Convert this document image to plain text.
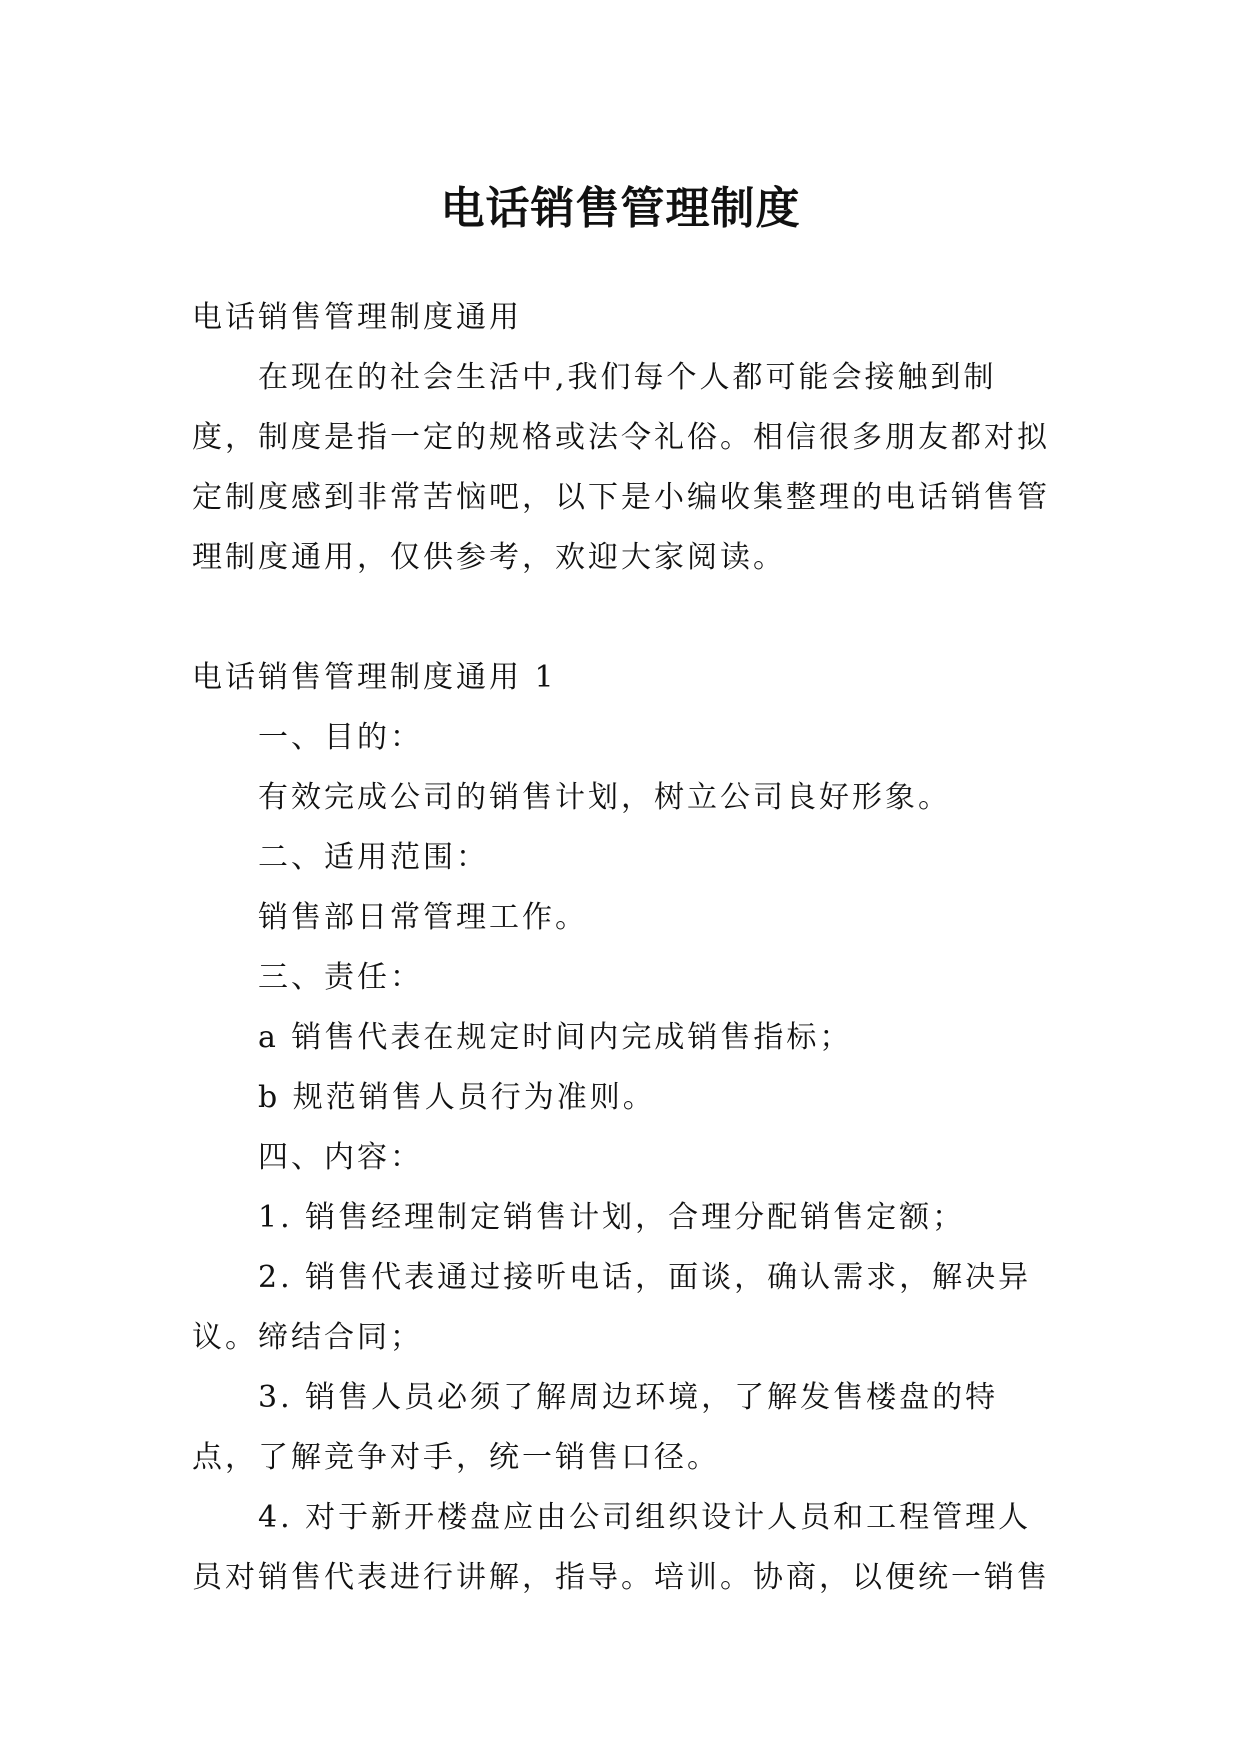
电话销售管理制度

电话销售管理制度通用

在现在的社会生活中,我们每个人都可能会接触到制度，制度是指一定的规格或法令礼俗。相信很多朋友都对拟定制度感到非常苦恼吧，以下是小编收集整理的电话销售管理制度通用，仅供参考，欢迎大家阅读。

电话销售管理制度通用 1

一、目的：

有效完成公司的销售计划，树立公司良好形象。

二、适用范围：

销售部日常管理工作。

三、责任：

a 销售代表在规定时间内完成销售指标；

b 规范销售人员行为准则。

四、内容：

1. 销售经理制定销售计划，合理分配销售定额；

2. 销售代表通过接听电话，面谈，确认需求，解决异议。缔结合同；

3. 销售人员必须了解周边环境，了解发售楼盘的特点，了解竞争对手，统一销售口径。

4. 对于新开楼盘应由公司组织设计人员和工程管理人员对销售代表进行讲解，指导。培训。协商，以便统一销售
